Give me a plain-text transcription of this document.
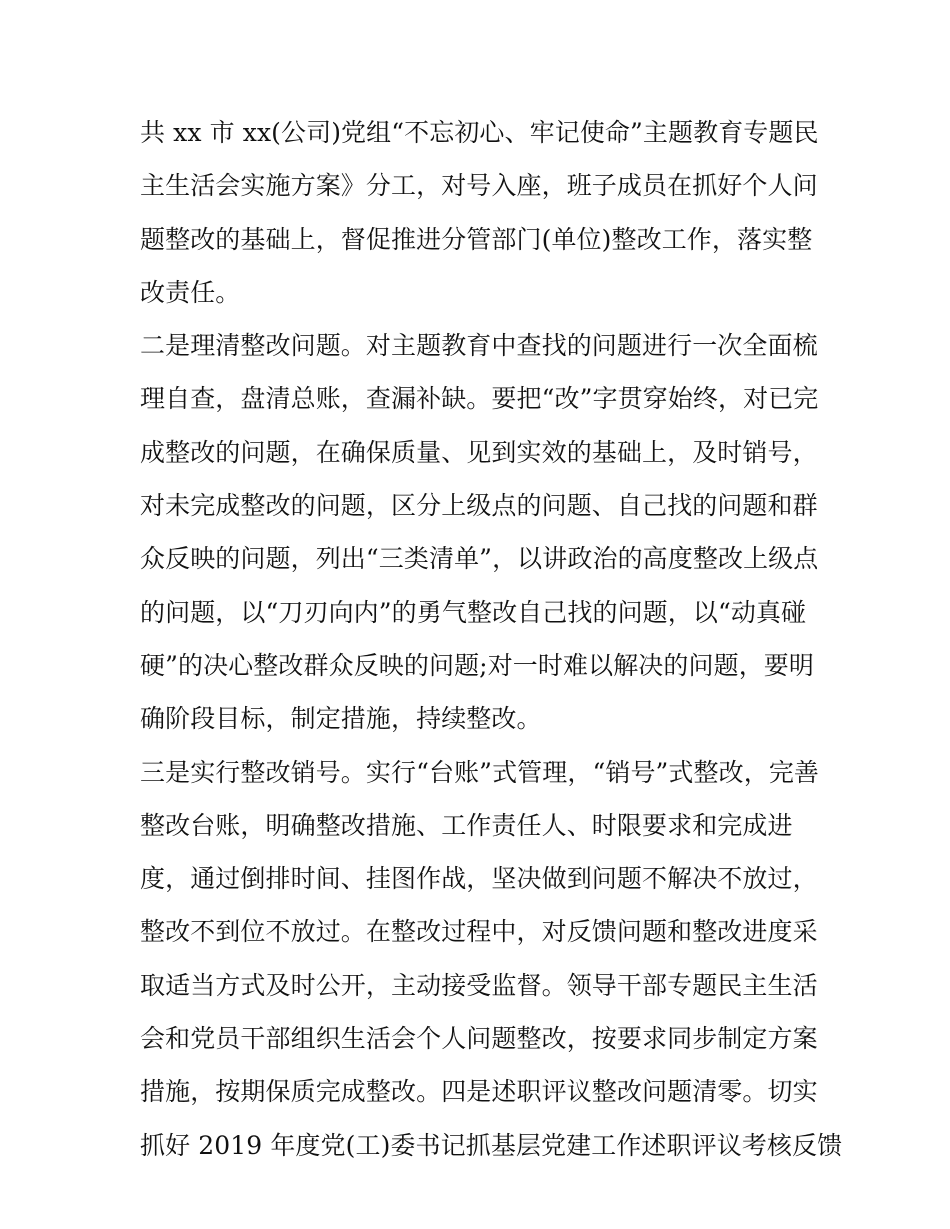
共 xx 市 xx(公司)党组“不忘初心、牢记使命”主题教育专题民
主生活会实施方案》分工，对号入座，班子成员在抓好个人问
题整改的基础上，督促推进分管部门(单位)整改工作，落实整
改责任。
二是理清整改问题。对主题教育中查找的问题进行一次全面梳
理自查，盘清总账，查漏补缺。要把“改”字贯穿始终，对已完
成整改的问题，在确保质量、见到实效的基础上，及时销号，
对未完成整改的问题，区分上级点的问题、自己找的问题和群
众反映的问题，列出“三类清单”，以讲政治的高度整改上级点
的问题，以“刀刃向内”的勇气整改自己找的问题，以“动真碰
硬”的决心整改群众反映的问题;对一时难以解决的问题，要明
确阶段目标，制定措施，持续整改。
三是实行整改销号。实行“台账”式管理，“销号”式整改，完善
整改台账，明确整改措施、工作责任人、时限要求和完成进
度，通过倒排时间、挂图作战，坚决做到问题不解决不放过，
整改不到位不放过。在整改过程中，对反馈问题和整改进度采
取适当方式及时公开，主动接受监督。领导干部专题民主生活
会和党员干部组织生活会个人问题整改，按要求同步制定方案
措施，按期保质完成整改。四是述职评议整改问题清零。切实
抓好 2019 年度党(工)委书记抓基层党建工作述职评议考核反馈
